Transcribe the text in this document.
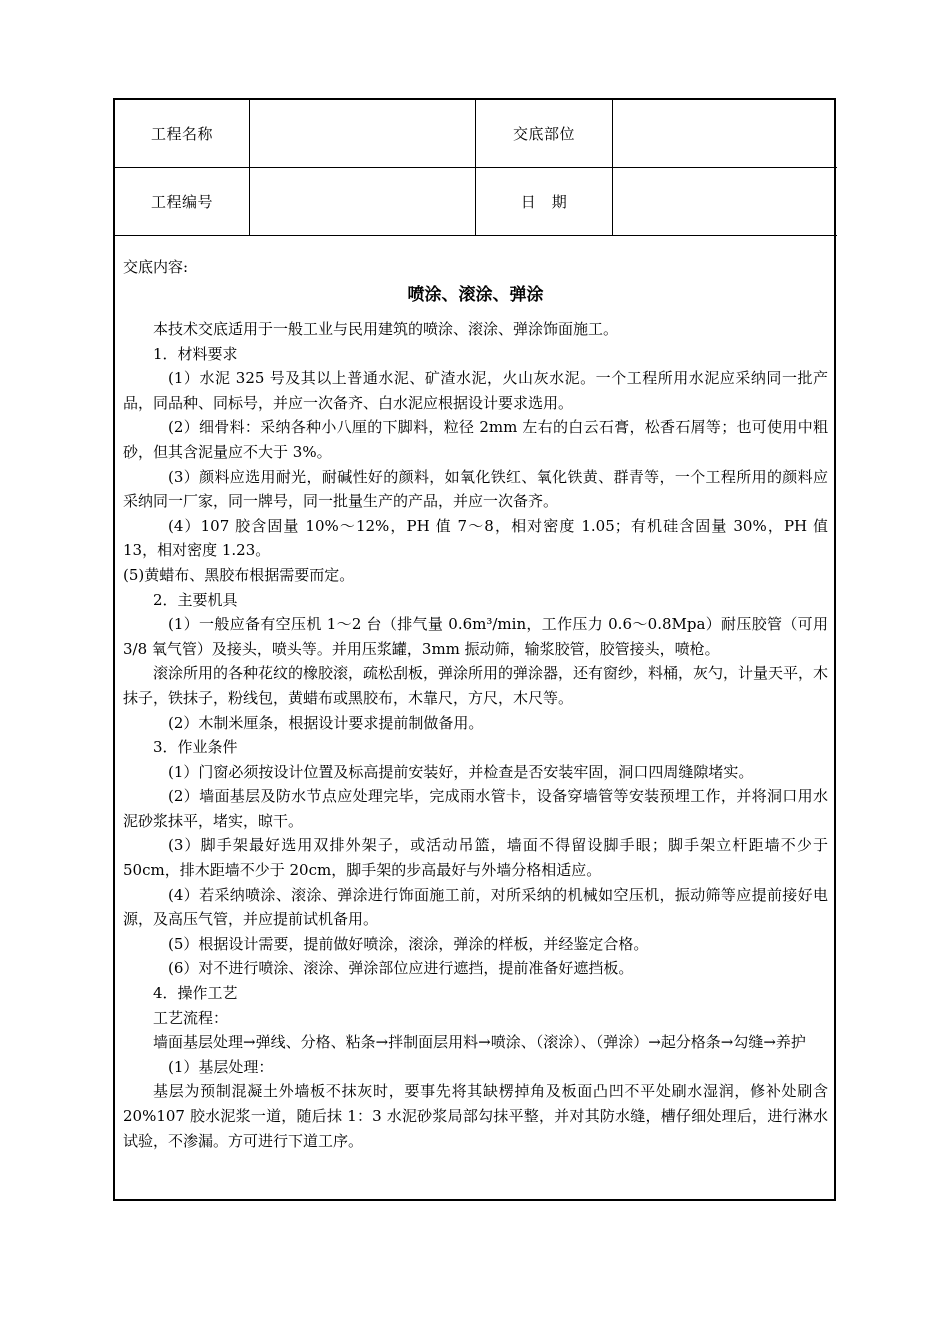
工程名称		交底部位	
工程编号		日　期	
交底内容:
喷涂、滚涂、弹涂

本技术交底适用于一般工业与民用建筑的喷涂、滚涂、弹涂饰面施工。

1．材料要求

(1）水泥 325 号及其以上普通水泥、矿渣水泥，火山灰水泥。一个工程所用水泥应采纳同一批产品，同品种、同标号，并应一次备齐、白水泥应根据设计要求选用。

(2）细骨料：采纳各种小八厘的下脚料，粒径 2mm 左右的白云石膏，松香石屑等；也可使用中粗砂，但其含泥量应不大于 3%。

(3）颜料应选用耐光，耐碱性好的颜料，如氧化铁红、氧化铁黄、群青等，一个工程所用的颜料应采纳同一厂家，同一牌号，同一批量生产的产品，并应一次备齐。

(4）107 胶含固量 10%～12%，PH 值 7～8，相对密度 1.05；有机硅含固量 30%，PH 值 13，相对密度 1.23。

(5)黄蜡布、黑胶布根据需要而定。

2．主要机具

(1）一般应备有空压机 1～2 台（排气量 0.6m³/min，工作压力 0.6～0.8Mpa）耐压胶管（可用 3/8 氧气管）及接头，喷头等。并用压浆罐，3mm 振动筛，输浆胶管，胶管接头，喷枪。

滚涂所用的各种花纹的橡胶滚，疏松刮板，弹涂所用的弹涂器，还有窗纱，料桶，灰勺，计量天平，木抹子，铁抹子，粉线包，黄蜡布或黑胶布，木靠尺，方尺，木尺等。

(2）木制米厘条，根据设计要求提前制做备用。

3．作业条件

(1）门窗必须按设计位置及标高提前安装好，并检查是否安装牢固，洞口四周缝隙堵实。

(2）墙面基层及防水节点应处理完毕，完成雨水管卡，设备穿墙管等安装预埋工作，并将洞口用水泥砂浆抹平，堵实，晾干。

(3）脚手架最好选用双排外架子，或活动吊篮，墙面不得留设脚手眼；脚手架立杆距墙不少于 50cm，排木距墙不少于 20cm，脚手架的步高最好与外墙分格相适应。

(4）若采纳喷涂、滚涂、弹涂进行饰面施工前，对所采纳的机械如空压机，振动筛等应提前接好电源，及高压气管，并应提前试机备用。

(5）根据设计需要，提前做好喷涂，滚涂，弹涂的样板，并经鉴定合格。

(6）对不进行喷涂、滚涂、弹涂部位应进行遮挡，提前准备好遮挡板。

4．操作工艺

工艺流程：

墙面基层处理→弹线、分格、粘条→拌制面层用料→喷涂、（滚涂）、（弹涂）→起分格条→勾缝→养护

(1）基层处理：

基层为预制混凝土外墙板不抹灰时，要事先将其缺楞掉角及板面凸凹不平处刷水湿润，修补处刷含 20%107 胶水泥浆一道，随后抹 1：3 水泥砂浆局部勾抹平整，并对其防水缝，槽仔细处理后，进行淋水试验，不渗漏。方可进行下道工序。
